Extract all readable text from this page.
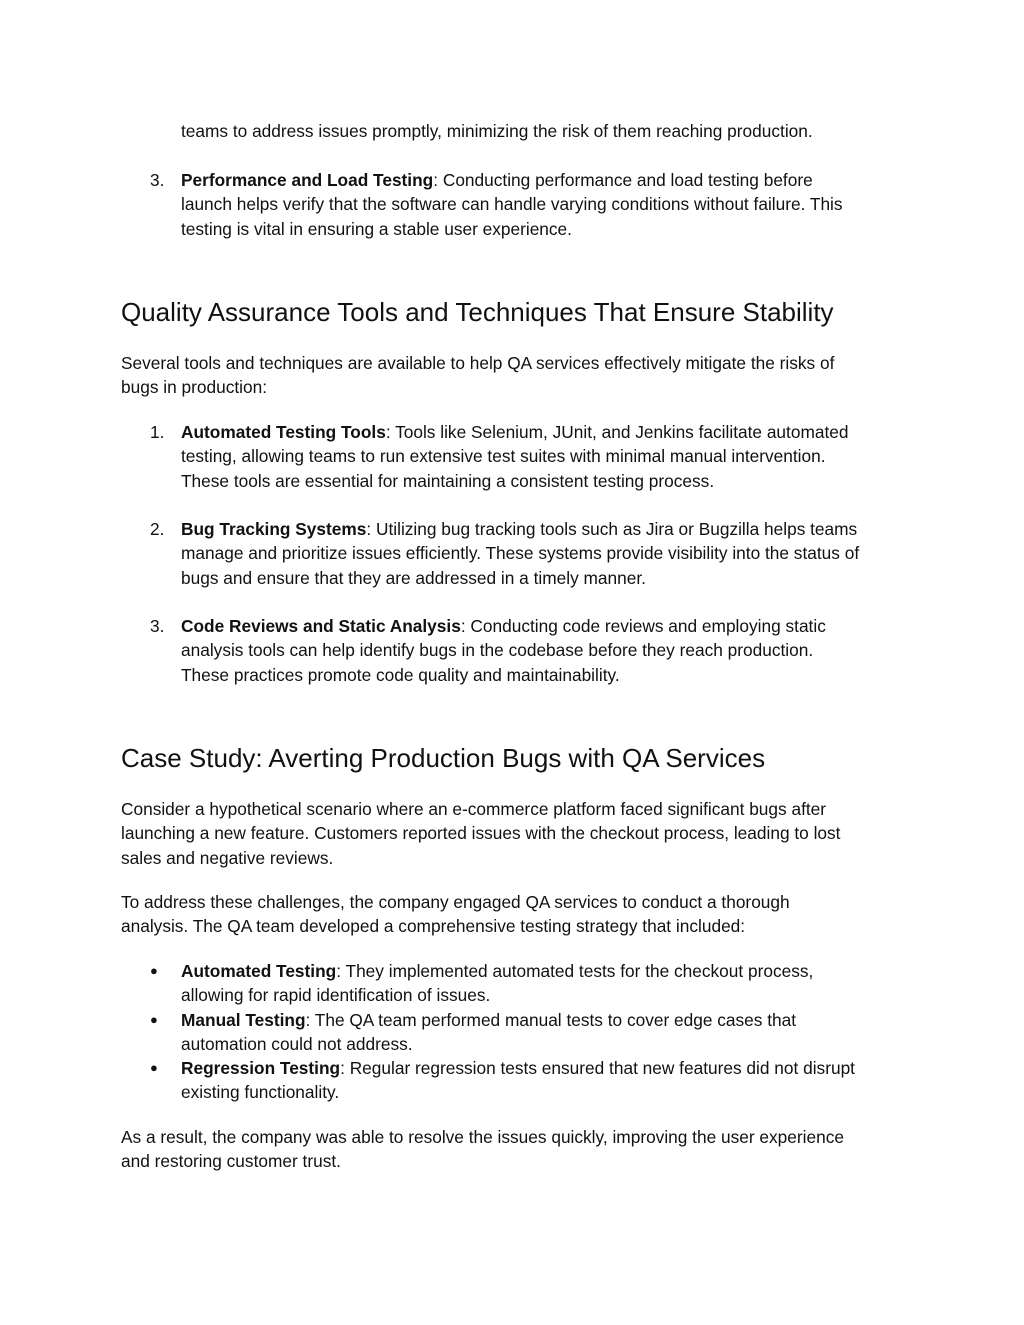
teams to address issues promptly, minimizing the risk of them reaching production.

3. Performance and Load Testing: Conducting performance and load testing before
launch helps verify that the software can handle varying conditions without failure. This
testing is vital in ensuring a stable user experience.
Quality Assurance Tools and Techniques That Ensure Stability
Several tools and techniques are available to help QA services effectively mitigate the risks of
bugs in production:
1. Automated Testing Tools: Tools like Selenium, JUnit, and Jenkins facilitate automated
testing, allowing teams to run extensive test suites with minimal manual intervention.
These tools are essential for maintaining a consistent testing process.
2. Bug Tracking Systems: Utilizing bug tracking tools such as Jira or Bugzilla helps teams
manage and prioritize issues efficiently. These systems provide visibility into the status of
bugs and ensure that they are addressed in a timely manner.
3. Code Reviews and Static Analysis: Conducting code reviews and employing static
analysis tools can help identify bugs in the codebase before they reach production.
These practices promote code quality and maintainability.
Case Study: Averting Production Bugs with QA Services
Consider a hypothetical scenario where an e-commerce platform faced significant bugs after
launching a new feature. Customers reported issues with the checkout process, leading to lost
sales and negative reviews.
To address these challenges, the company engaged QA services to conduct a thorough
analysis. The QA team developed a comprehensive testing strategy that included:
● Automated Testing: They implemented automated tests for the checkout process,
allowing for rapid identification of issues.
● Manual Testing: The QA team performed manual tests to cover edge cases that
automation could not address.
● Regression Testing: Regular regression tests ensured that new features did not disrupt
existing functionality.
As a result, the company was able to resolve the issues quickly, improving the user experience
and restoring customer trust.
